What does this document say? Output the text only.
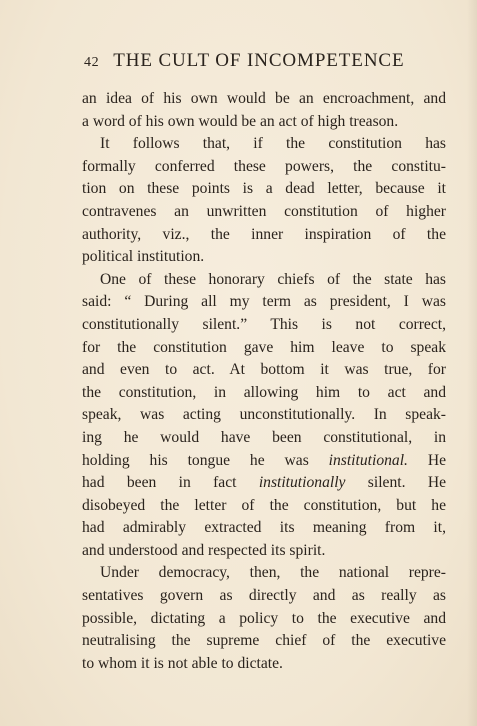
42 THE CULT OF INCOMPETENCE
an idea of his own would be an encroachment, and
a word of his own would be an act of high treason.
It follows that, if the constitution has
formally conferred these powers, the constitu-
tion on these points is a dead letter, because it
contravenes an unwritten constitution of higher
authority, viz., the inner inspiration of the
political institution.
One of these honorary chiefs of the state has
said: “ During all my term as president, I was
constitutionally silent.” This is not correct,
for the constitution gave him leave to speak
and even to act. At bottom it was true, for
the constitution, in allowing him to act and
speak, was acting unconstitutionally. In speak-
ing he would have been constitutional, in
holding his tongue he was institutional. He
had been in fact institutionally silent. He
disobeyed the letter of the constitution, but he
had admirably extracted its meaning from it,
and understood and respected its spirit.
Under democracy, then, the national repre-
sentatives govern as directly and as really as
possible, dictating a policy to the executive and
neutralising the supreme chief of the executive
to whom it is not able to dictate.
